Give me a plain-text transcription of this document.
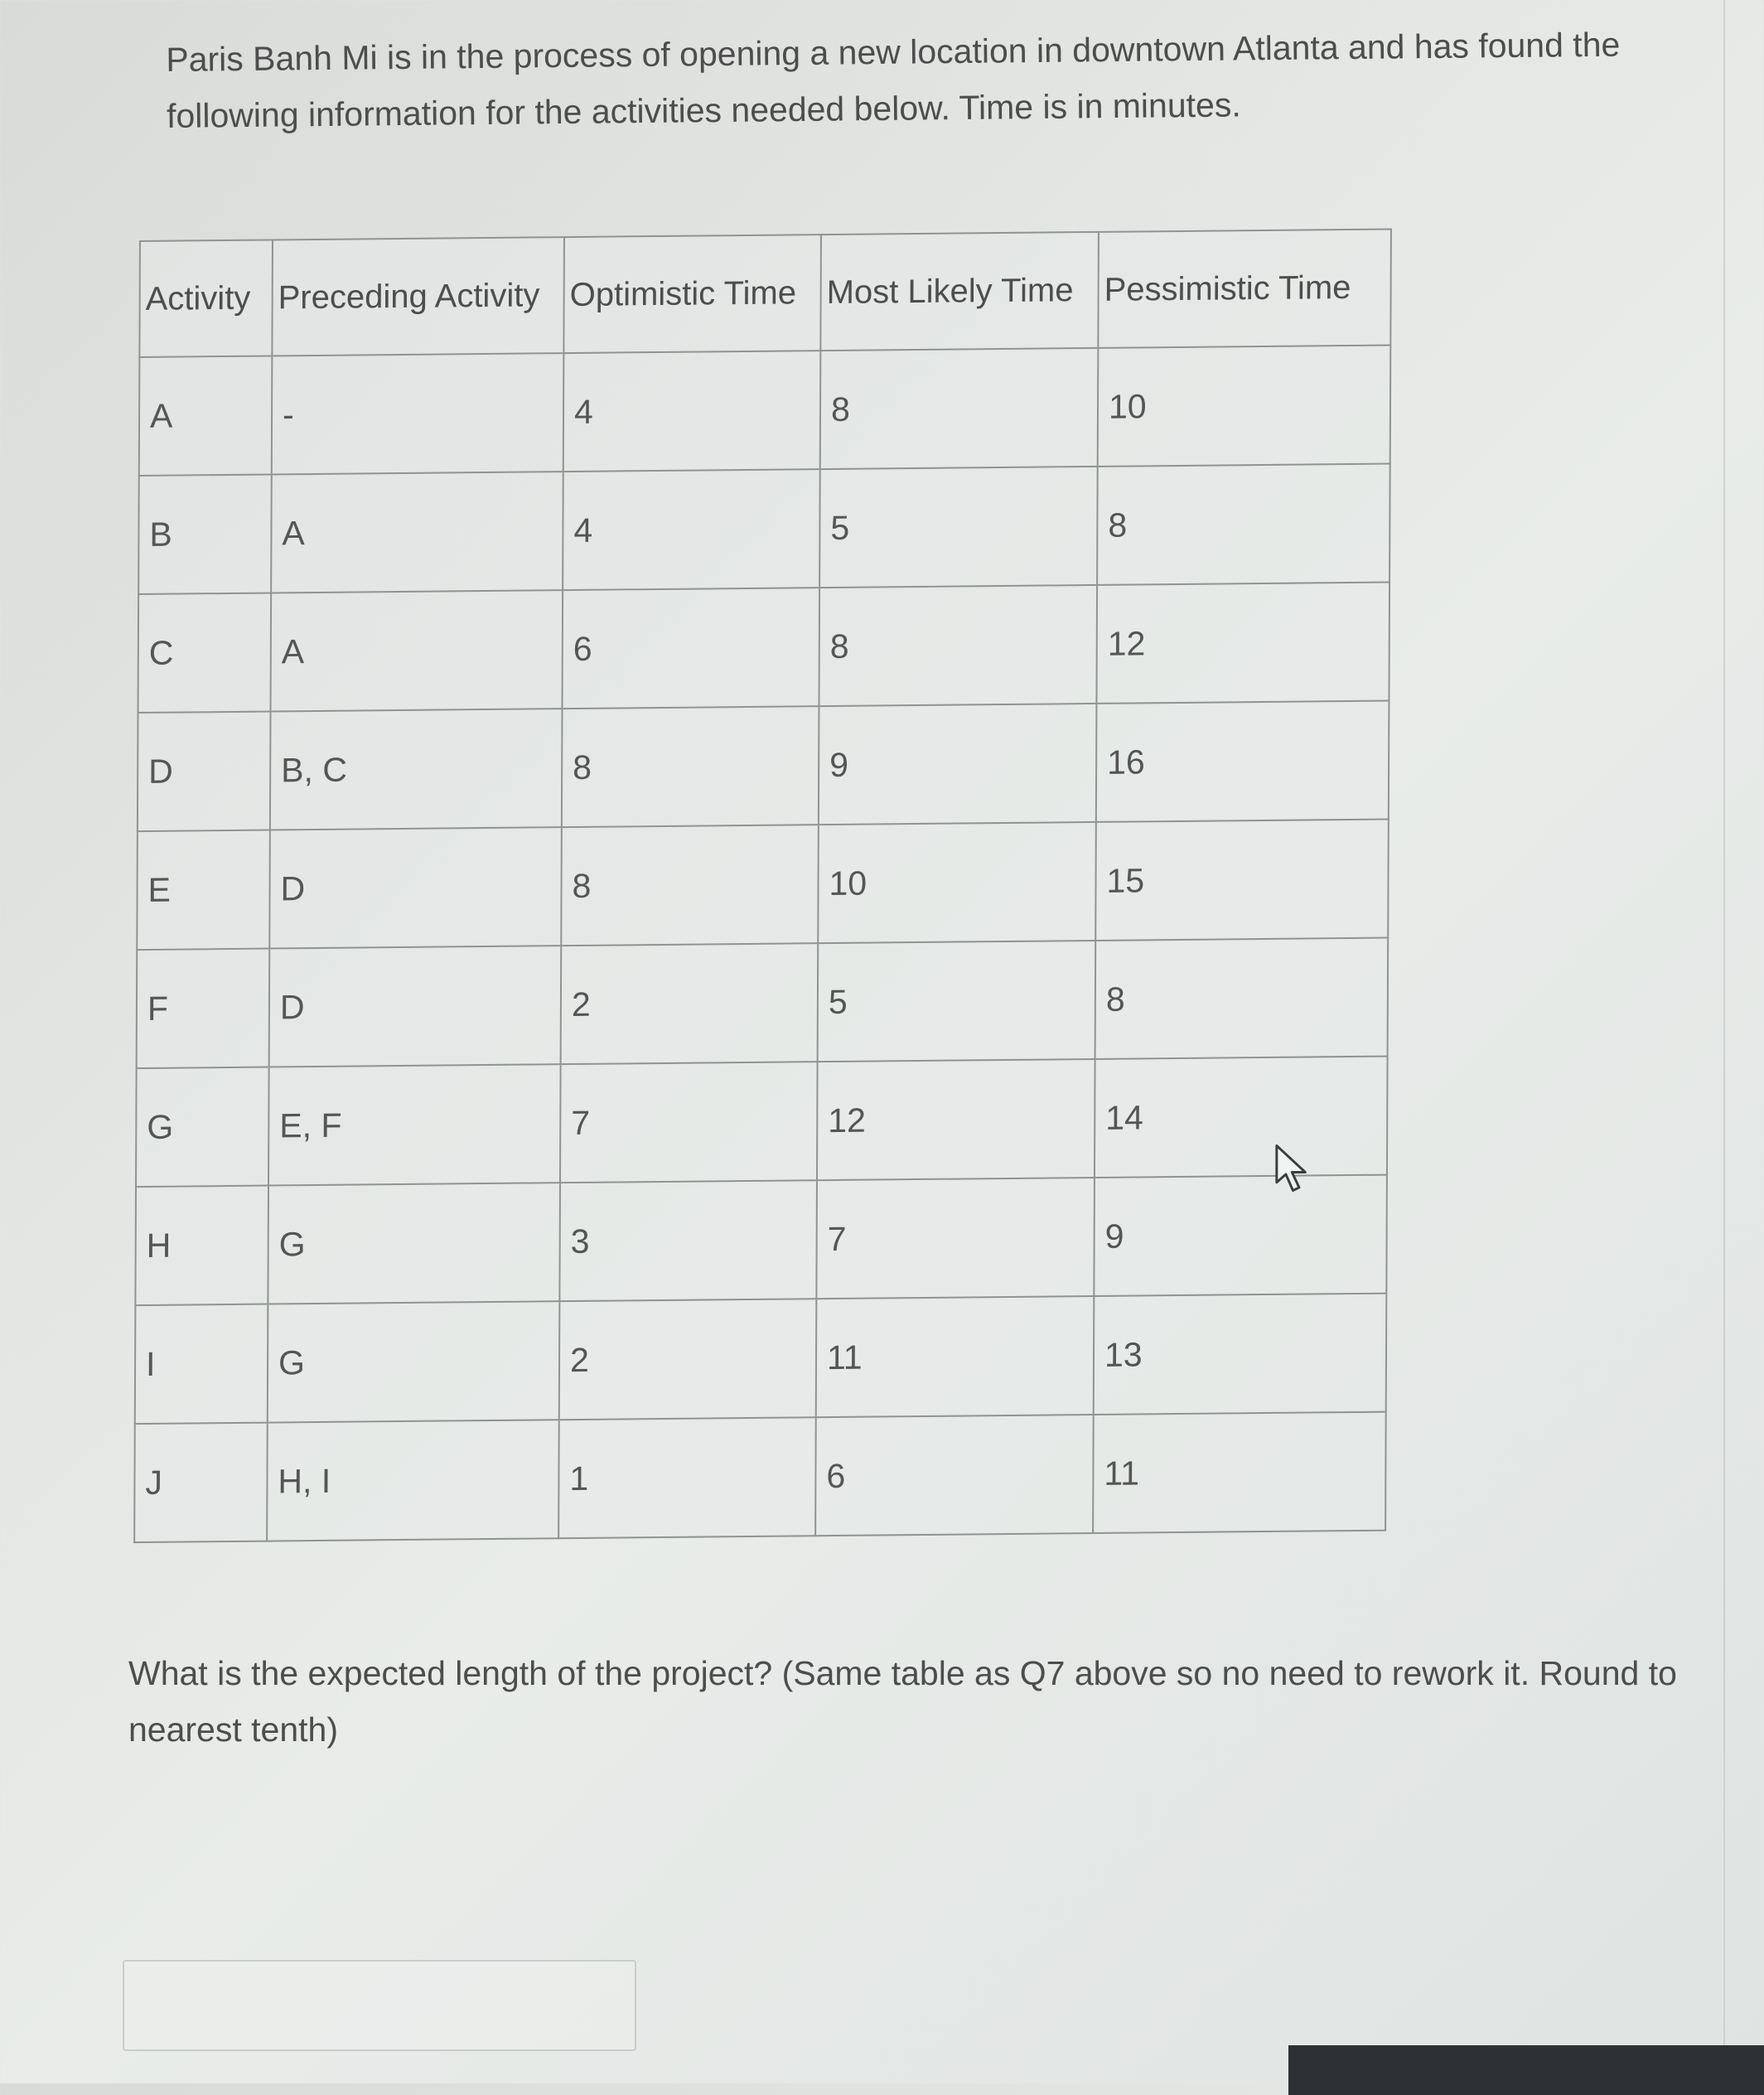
Paris Banh Mi is in the process of opening a new location in downtown Atlanta and has found the following information for the activities needed below. Time is in minutes.
Activity	Preceding Activity	Optimistic Time	Most Likely Time	Pessimistic Time
A	-	4	8	10
B	A	4	5	8
C	A	6	8	12
D	B, C	8	9	16
E	D	8	10	15
F	D	2	5	8
G	E, F	7	12	14
H	G	3	7	9
I	G	2	11	13
J	H, I	1	6	11
What is the expected length of the project? (Same table as Q7 above so no need to rework it. Round to nearest tenth)
